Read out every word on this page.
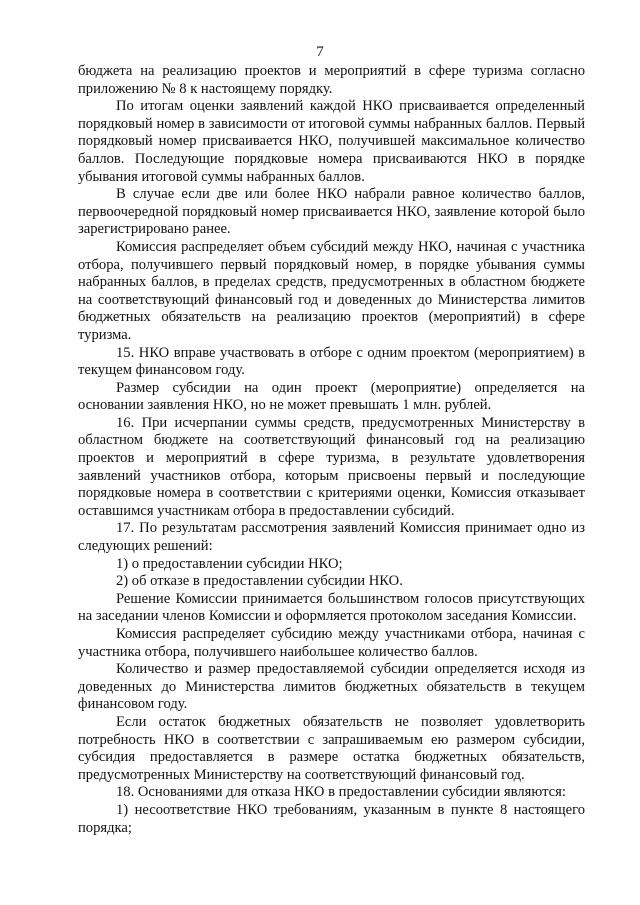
7

бюджета на реализацию проектов и мероприятий в сфере туризма согласно приложению № 8 к настоящему порядку.

По итогам оценки заявлений каждой НКО присваивается определенный порядковый номер в зависимости от итоговой суммы набранных баллов. Первый порядковый номер присваивается НКО, получившей максимальное количество баллов. Последующие порядковые номера присваиваются НКО в порядке убывания итоговой суммы набранных баллов.

В случае если две или более НКО набрали равное количество баллов, первоочередной порядковый номер присваивается НКО, заявление которой было зарегистрировано ранее.

Комиссия распределяет объем субсидий между НКО, начиная с участника отбора, получившего первый порядковый номер, в порядке убывания суммы набранных баллов, в пределах средств, предусмотренных в областном бюджете на соответствующий финансовый год и доведенных до Министерства лимитов бюджетных обязательств на реализацию проектов (мероприятий) в сфере туризма.

15. НКО вправе участвовать в отборе с одним проектом (мероприятием) в текущем финансовом году.

Размер субсидии на один проект (мероприятие) определяется на основании заявления НКО, но не может превышать 1 млн. рублей.

16. При исчерпании суммы средств, предусмотренных Министерству в областном бюджете на соответствующий финансовый год на реализацию проектов и мероприятий в сфере туризма, в результате удовлетворения заявлений участников отбора, которым присвоены первый и последующие порядковые номера в соответствии с критериями оценки, Комиссия отказывает оставшимся участникам отбора в предоставлении субсидий.

17. По результатам рассмотрения заявлений Комиссия принимает одно из следующих решений:

1) о предоставлении субсидии НКО;

2) об отказе в предоставлении субсидии НКО.

Решение Комиссии принимается большинством голосов присутствующих на заседании членов Комиссии и оформляется протоколом заседания Комиссии.

Комиссия распределяет субсидию между участниками отбора, начиная с участника отбора, получившего наибольшее количество баллов.

Количество и размер предоставляемой субсидии определяется исходя из доведенных до Министерства лимитов бюджетных обязательств в текущем финансовом году.

Если остаток бюджетных обязательств не позволяет удовлетворить потребность НКО в соответствии с запрашиваемым ею размером субсидии, субсидия предоставляется в размере остатка бюджетных обязательств, предусмотренных Министерству на соответствующий финансовый год.

18. Основаниями для отказа НКО в предоставлении субсидии являются:

1) несоответствие НКО требованиям, указанным в пункте 8 настоящего порядка;
